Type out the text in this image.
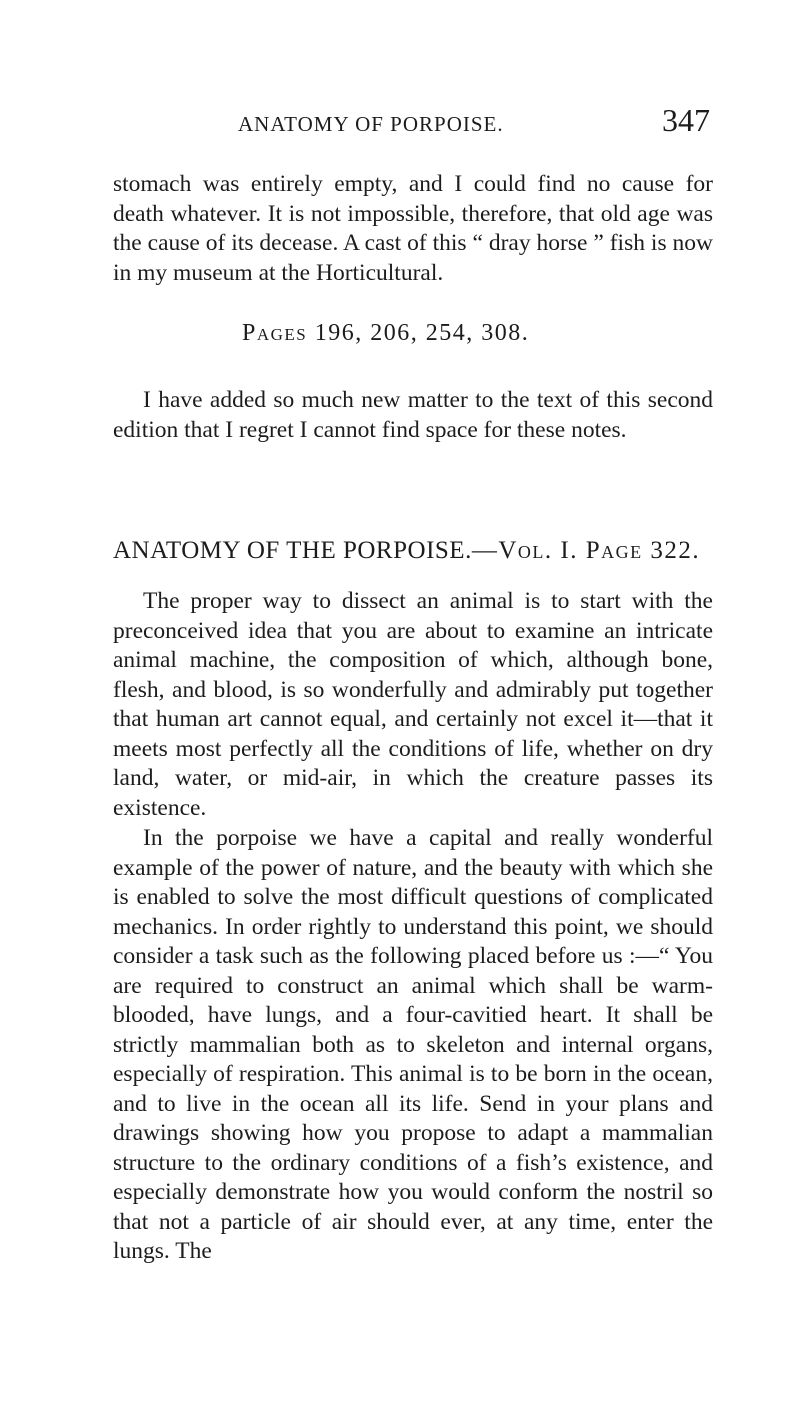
ANATOMY OF PORPOISE.	347

stomach was entirely empty, and I could find no cause for death whatever. It is not impossible, therefore, that old age was the cause of its decease. A cast of this “ dray horse ” fish is now in my museum at the Horticultural.

Pages 196, 206, 254, 308.

I have added so much new matter to the text of this second edition that I regret I cannot find space for these notes.

ANATOMY OF THE PORPOISE.—Vol. I. Page 322.

The proper way to dissect an animal is to start with the preconceived idea that you are about to examine an intricate animal machine, the composition of which, although bone, flesh, and blood, is so wonderfully and admirably put together that human art cannot equal, and certainly not excel it—that it meets most perfectly all the conditions of life, whether on dry land, water, or mid-air, in which the creature passes its existence.

In the porpoise we have a capital and really wonderful example of the power of nature, and the beauty with which she is enabled to solve the most difficult questions of complicated mechanics. In order rightly to understand this point, we should consider a task such as the following placed before us :—“ You are required to construct an animal which shall be warm-blooded, have lungs, and a four-cavitied heart. It shall be strictly mammalian both as to skeleton and internal organs, especially of respiration. This animal is to be born in the ocean, and to live in the ocean all its life. Send in your plans and drawings showing how you propose to adapt a mammalian structure to the ordinary conditions of a fish’s existence, and especially demonstrate how you would conform the nostril so that not a particle of air should ever, at any time, enter the lungs. The
